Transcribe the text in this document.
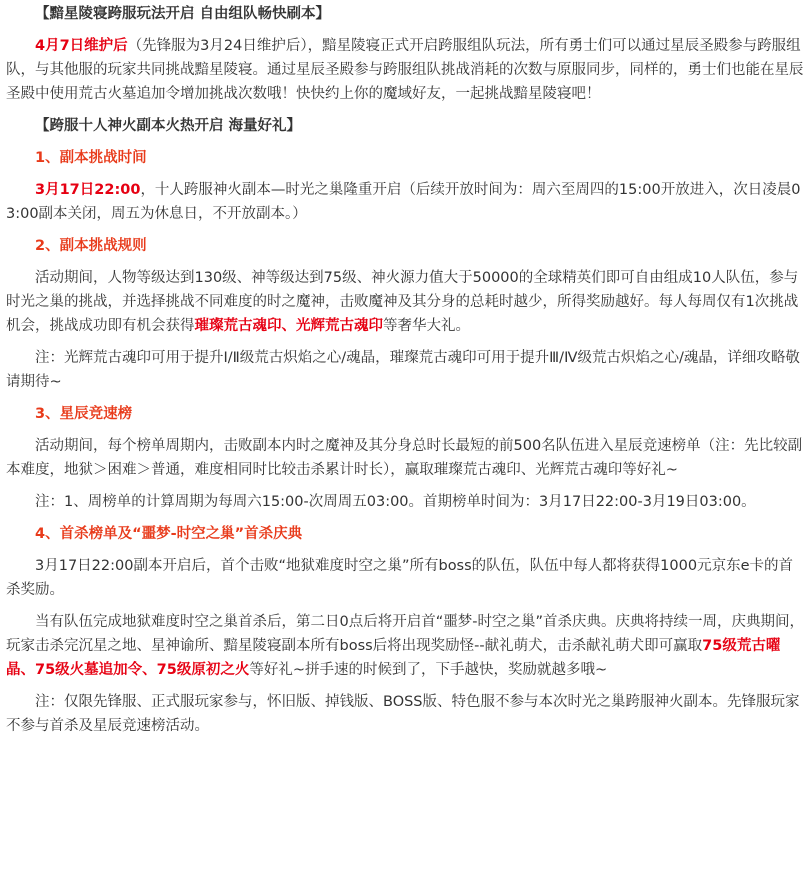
【黯星陵寝跨服玩法开启 自由组队畅快刷本】

4月7日维护后（先锋服为3月24日维护后），黯星陵寝正式开启跨服组队玩法，所有勇士们可以通过星辰圣殿参与跨服组队，与其他服的玩家共同挑战黯星陵寝。通过星辰圣殿参与跨服组队挑战消耗的次数与原服同步，同样的，勇士们也能在星辰圣殿中使用荒古火墓追加令增加挑战次数哦！快快约上你的魔域好友，一起挑战黯星陵寝吧！

【跨服十人神火副本火热开启 海量好礼】

1、副本挑战时间

3月17日22:00，十人跨服神火副本—时光之巢隆重开启（后续开放时间为：周六至周四的15:00开放进入，次日凌晨03:00副本关闭，周五为休息日，不开放副本。）

2、副本挑战规则

活动期间，人物等级达到130级、神等级达到75级、神火源力值大于50000的全球精英们即可自由组成10人队伍，参与时光之巢的挑战，并选择挑战不同难度的时之魔神，击败魔神及其分身的总耗时越少，所得奖励越好。每人每周仅有1次挑战机会，挑战成功即有机会获得璀璨荒古魂印、光辉荒古魂印等奢华大礼。

注：光辉荒古魂印可用于提升Ⅰ/Ⅱ级荒古炽焰之心/魂晶，璀璨荒古魂印可用于提升Ⅲ/Ⅳ级荒古炽焰之心/魂晶，详细攻略敬请期待~

3、星辰竞速榜

活动期间，每个榜单周期内，击败副本内时之魔神及其分身总时长最短的前500名队伍进入星辰竞速榜单（注：先比较副本难度，地狱＞困难＞普通，难度相同时比较击杀累计时长），赢取璀璨荒古魂印、光辉荒古魂印等好礼~

注：1、周榜单的计算周期为每周六15:00-次周周五03:00。首期榜单时间为：3月17日22:00-3月19日03:00。

4、首杀榜单及“噩梦-时空之巢”首杀庆典

3月17日22:00副本开启后，首个击败“地狱难度时空之巢”所有boss的队伍，队伍中每人都将获得1000元京东e卡的首杀奖励。

当有队伍完成地狱难度时空之巢首杀后，第二日0点后将开启首“噩梦-时空之巢”首杀庆典。庆典将持续一周，庆典期间，玩家击杀完沉星之地、星神谕所、黯星陵寝副本所有boss后将出现奖励怪--献礼萌犬，击杀献礼萌犬即可赢取75级荒古曜晶、75级火墓追加令、75级原初之火等好礼~拼手速的时候到了，下手越快，奖励就越多哦~

注：仅限先锋服、正式服玩家参与，怀旧版、掉钱版、BOSS版、特色服不参与本次时光之巢跨服神火副本。先锋服玩家不参与首杀及星辰竞速榜活动。
